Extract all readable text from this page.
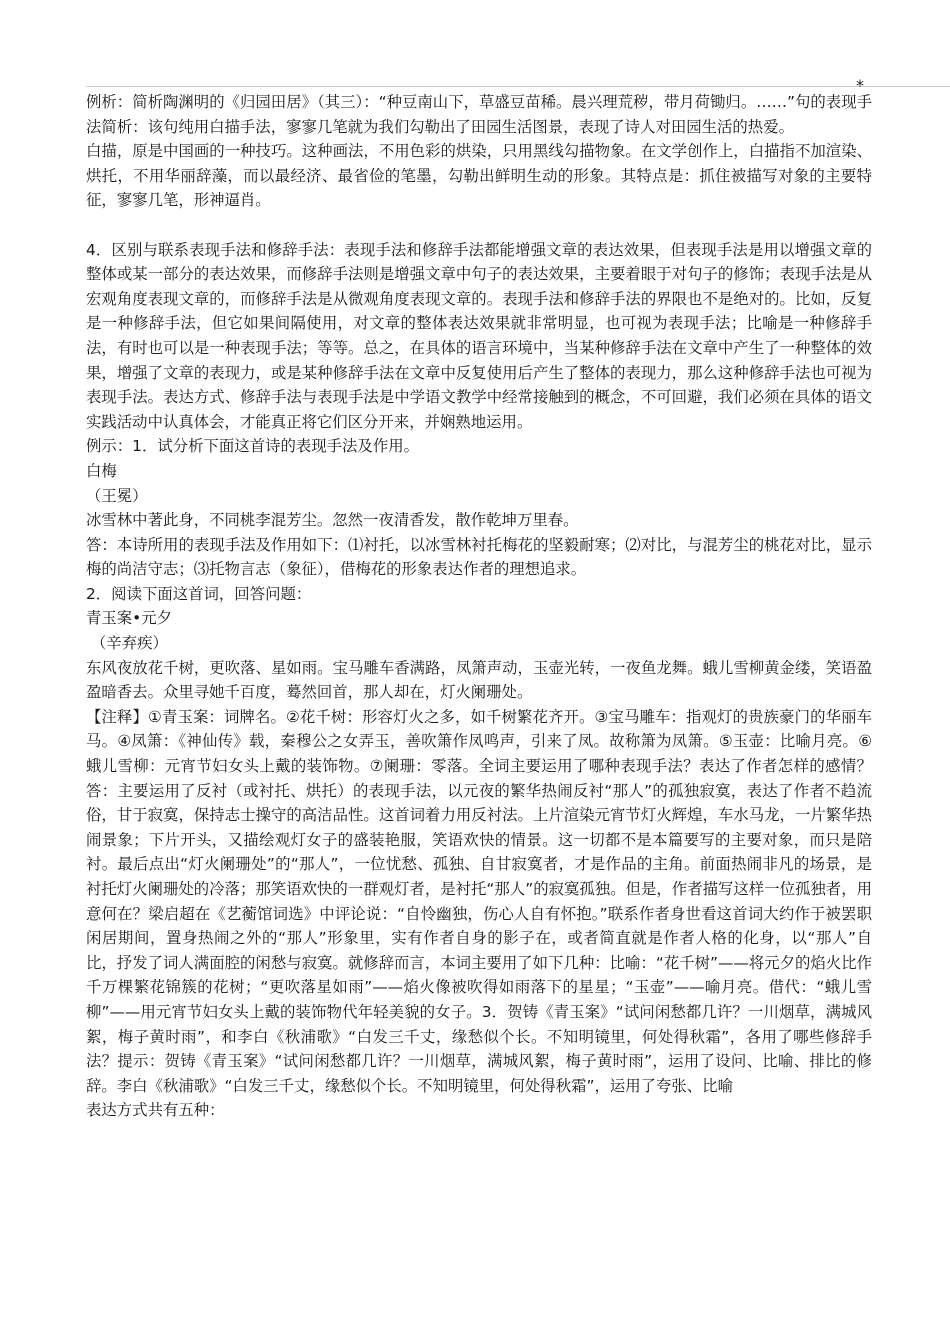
*

例析：简析陶渊明的《归园田居》（其三）：“种豆南山下，草盛豆苗稀。晨兴理荒秽，带月荷锄归。……”句的表现手法简析：该句纯用白描手法，寥寥几笔就为我们勾勒出了田园生活图景，表现了诗人对田园生活的热爱。

白描，原是中国画的一种技巧。这种画法，不用色彩的烘染，只用黑线勾描物象。在文学创作上，白描指不加渲染、烘托，不用华丽辞藻，而以最经济、最省俭的笔墨，勾勒出鲜明生动的形象。其特点是：抓住被描写对象的主要特征，寥寥几笔，形神逼肖。

4．区别与联系表现手法和修辞手法：表现手法和修辞手法都能增强文章的表达效果，但表现手法是用以增强文章的整体或某一部分的表达效果，而修辞手法则是增强文章中句子的表达效果，主要着眼于对句子的修饰；表现手法是从宏观角度表现文章的，而修辞手法是从微观角度表现文章的。表现手法和修辞手法的界限也不是绝对的。比如，反复是一种修辞手法，但它如果间隔使用，对文章的整体表达效果就非常明显，也可视为表现手法；比喻是一种修辞手法，有时也可以是一种表现手法；等等。总之，在具体的语言环境中，当某种修辞手法在文章中产生了一种整体的效果，增强了文章的表现力，或是某种修辞手法在文章中反复使用后产生了整体的表现力，那么这种修辞手法也可视为表现手法。表达方式、修辞手法与表现手法是中学语文教学中经常接触到的概念，不可回避，我们必须在具体的语文实践活动中认真体会，才能真正将它们区分开来，并娴熟地运用。

例示：1．试分析下面这首诗的表现手法及作用。

白梅

（王冕）

冰雪林中著此身，不同桃李混芳尘。忽然一夜清香发，散作乾坤万里春。

答：本诗所用的表现手法及作用如下：⑴衬托，以冰雪林衬托梅花的坚毅耐寒；⑵对比，与混芳尘的桃花对比，显示梅的尚洁守志；⑶托物言志（象征），借梅花的形象表达作者的理想追求。

2．阅读下面这首词，回答问题：

青玉案•元夕

（辛弃疾）

东风夜放花千树，更吹落、星如雨。宝马雕车香满路，凤箫声动，玉壶光转，一夜鱼龙舞。蛾儿雪柳黄金缕，笑语盈盈暗香去。众里寻她千百度，蓦然回首，那人却在，灯火阑珊处。

【注释】①青玉案：词牌名。②花千树：形容灯火之多，如千树繁花齐开。③宝马雕车：指观灯的贵族豪门的华丽车马。④凤箫：《神仙传》载，秦穆公之女弄玉，善吹箫作凤鸣声，引来了凤。故称箫为凤箫。⑤玉壶：比喻月亮。⑥蛾儿雪柳：元宵节妇女头上戴的装饰物。⑦阑珊：零落。全词主要运用了哪种表现手法？表达了作者怎样的感情？答：主要运用了反衬（或衬托、烘托）的表现手法，以元夜的繁华热闹反衬“那人”的孤独寂寞，表达了作者不趋流俗，甘于寂寞，保持志士操守的高洁品性。这首词着力用反衬法。上片渲染元宵节灯火辉煌，车水马龙，一片繁华热闹景象；下片开头，又描绘观灯女子的盛装艳服，笑语欢快的情景。这一切都不是本篇要写的主要对象，而只是陪衬。最后点出“灯火阑珊处”的“那人”，一位忧愁、孤独、自甘寂寞者，才是作品的主角。前面热闹非凡的场景，是衬托灯火阑珊处的冷落；那笑语欢快的一群观灯者，是衬托“那人”的寂寞孤独。但是，作者描写这样一位孤独者，用意何在？梁启超在《艺蘅馆词选》中评论说：“自怜幽独，伤心人自有怀抱。”联系作者身世看这首词大约作于被罢职闲居期间，置身热闹之外的“那人”形象里，实有作者自身的影子在，或者简直就是作者人格的化身，以“那人”自比，抒发了词人满面腔的闲愁与寂寞。就修辞而言，本词主要用了如下几种：比喻：“花千树”——将元夕的焰火比作千万棵繁花锦簇的花树；“更吹落星如雨”——焰火像被吹得如雨落下的星星；“玉壶”——喻月亮。借代：“蛾儿雪柳”——用元宵节妇女头上戴的装饰物代年轻美貌的女子。3．贺铸《青玉案》“试问闲愁都几许？一川烟草，满城风絮，梅子黄时雨”，和李白《秋浦歌》“白发三千丈，缘愁似个长。不知明镜里，何处得秋霜”，各用了哪些修辞手法？提示：贺铸《青玉案》“试问闲愁都几许？一川烟草，满城风絮，梅子黄时雨”，运用了设问、比喻、排比的修辞。李白《秋浦歌》“白发三千丈，缘愁似个长。不知明镜里，何处得秋霜”，运用了夸张、比喻

表达方式共有五种：
